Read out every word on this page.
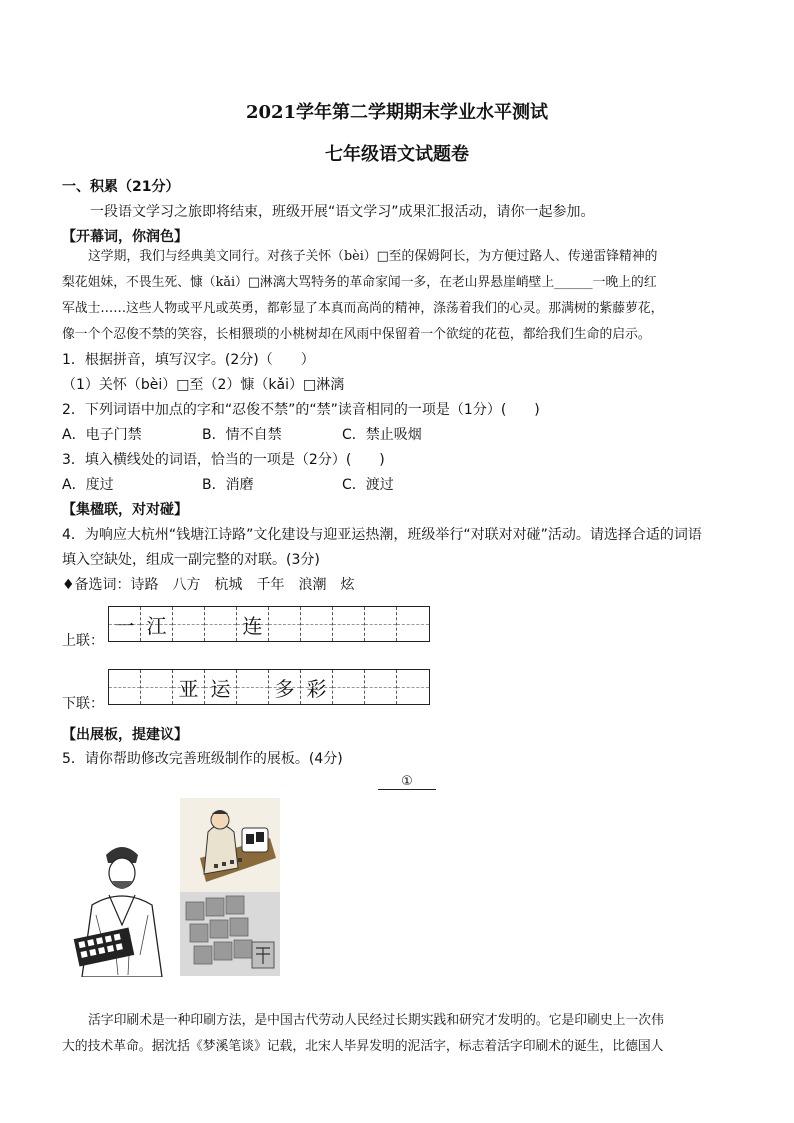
2021学年第二学期期末学业水平测试
七年级语文试题卷
一、积累（21分）
一段语文学习之旅即将结束，班级开展“语文学习”成果汇报活动，请你一起参加。
【开幕词，你润色】
这学期，我们与经典美文同行。对孩子关怀（bèi）□至的保姆阿长，为方便过路人、传递雷锋精神的
梨花姐妹，不畏生死、慷（kǎi）□淋漓大骂特务的革命家闻一多，在老山界悬崖峭壁上______一晚上的红
军战士……这些人物或平凡或英勇，都彰显了本真而高尚的精神，涤荡着我们的心灵。那满树的紫藤萝花，
像一个个忍俊不禁的笑容，长相猥琐的小桃树却在风雨中保留着一个欲绽的花苞，都给我们生命的启示。
1．根据拼音，填写汉字。(2分)（　　）
（1）关怀（bèi）□至（2）慷（kǎi）□淋漓
2．下列词语中加点的字和“忍俊不禁”的“禁”读音相同的一项是（1分）(　　)
A．电子门禁	B．情不自禁	C．禁止吸烟
3．填入横线处的词语，恰当的一项是（2分）(　　)
A．度过	B．消磨	C．渡过
【集楹联，对对碰】
4．为响应大杭州“钱塘江诗路”文化建设与迎亚运热潮，班级举行“对联对对碰”活动。请选择合适的词语
填入空缺处，组成一副完整的对联。(3分)
♦备选词：诗路　八方　杭城　千年　浪潮　炫
上联：
一 江	连
下联：
亚 运 多 彩
【出展板，提建议】
5．请你帮助修改完善班级制作的展板。(4分)
①
活字印刷术是一种印刷方法，是中国古代劳动人民经过长期实践和研究才发明的。它是印刷史上一次伟
大的技术革命。据沈括《梦溪笔谈》记载，北宋人毕昇发明的泥活字，标志着活字印刷术的诞生，比德国人
